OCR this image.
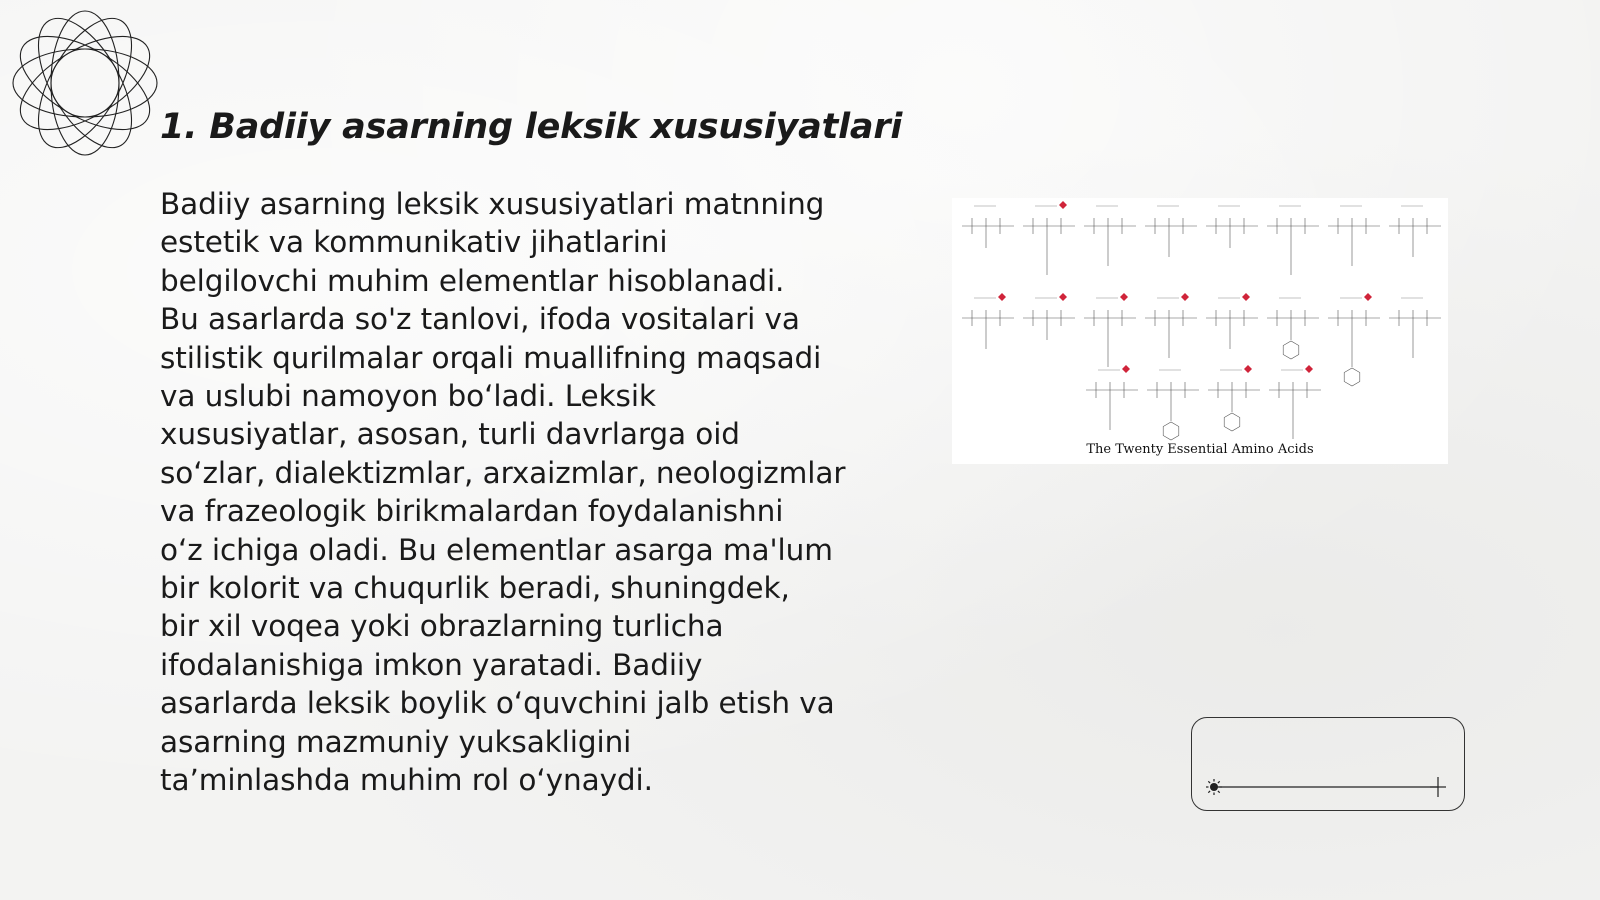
1. Badiiy asarning leksik xususiyatlari
Badiiy asarning leksik xususiyatlari matnning
estetik va kommunikativ jihatlarini
belgilovchi muhim elementlar hisoblanadi.
Bu asarlarda so'z tanlovi, ifoda vositalari va
stilistik qurilmalar orqali muallifning maqsadi
va uslubi namoyon bo‘ladi. Leksik
xususiyatlar, asosan, turli davrlarga oid
so‘zlar, dialektizmlar, arxaizmlar, neologizmlar
va frazeologik birikmalardan foydalanishni
o‘z ichiga oladi. Bu elementlar asarga ma'lum
bir kolorit va chuqurlik beradi, shuningdek,
bir xil voqea yoki obrazlarning turlicha
ifodalanishiga imkon yaratadi. Badiiy
asarlarda leksik boylik o‘quvchini jalb etish va
asarning mazmuniy yuksakligini
ta’minlashda muhim rol o‘ynaydi.
The Twenty Essential Amino Acids
